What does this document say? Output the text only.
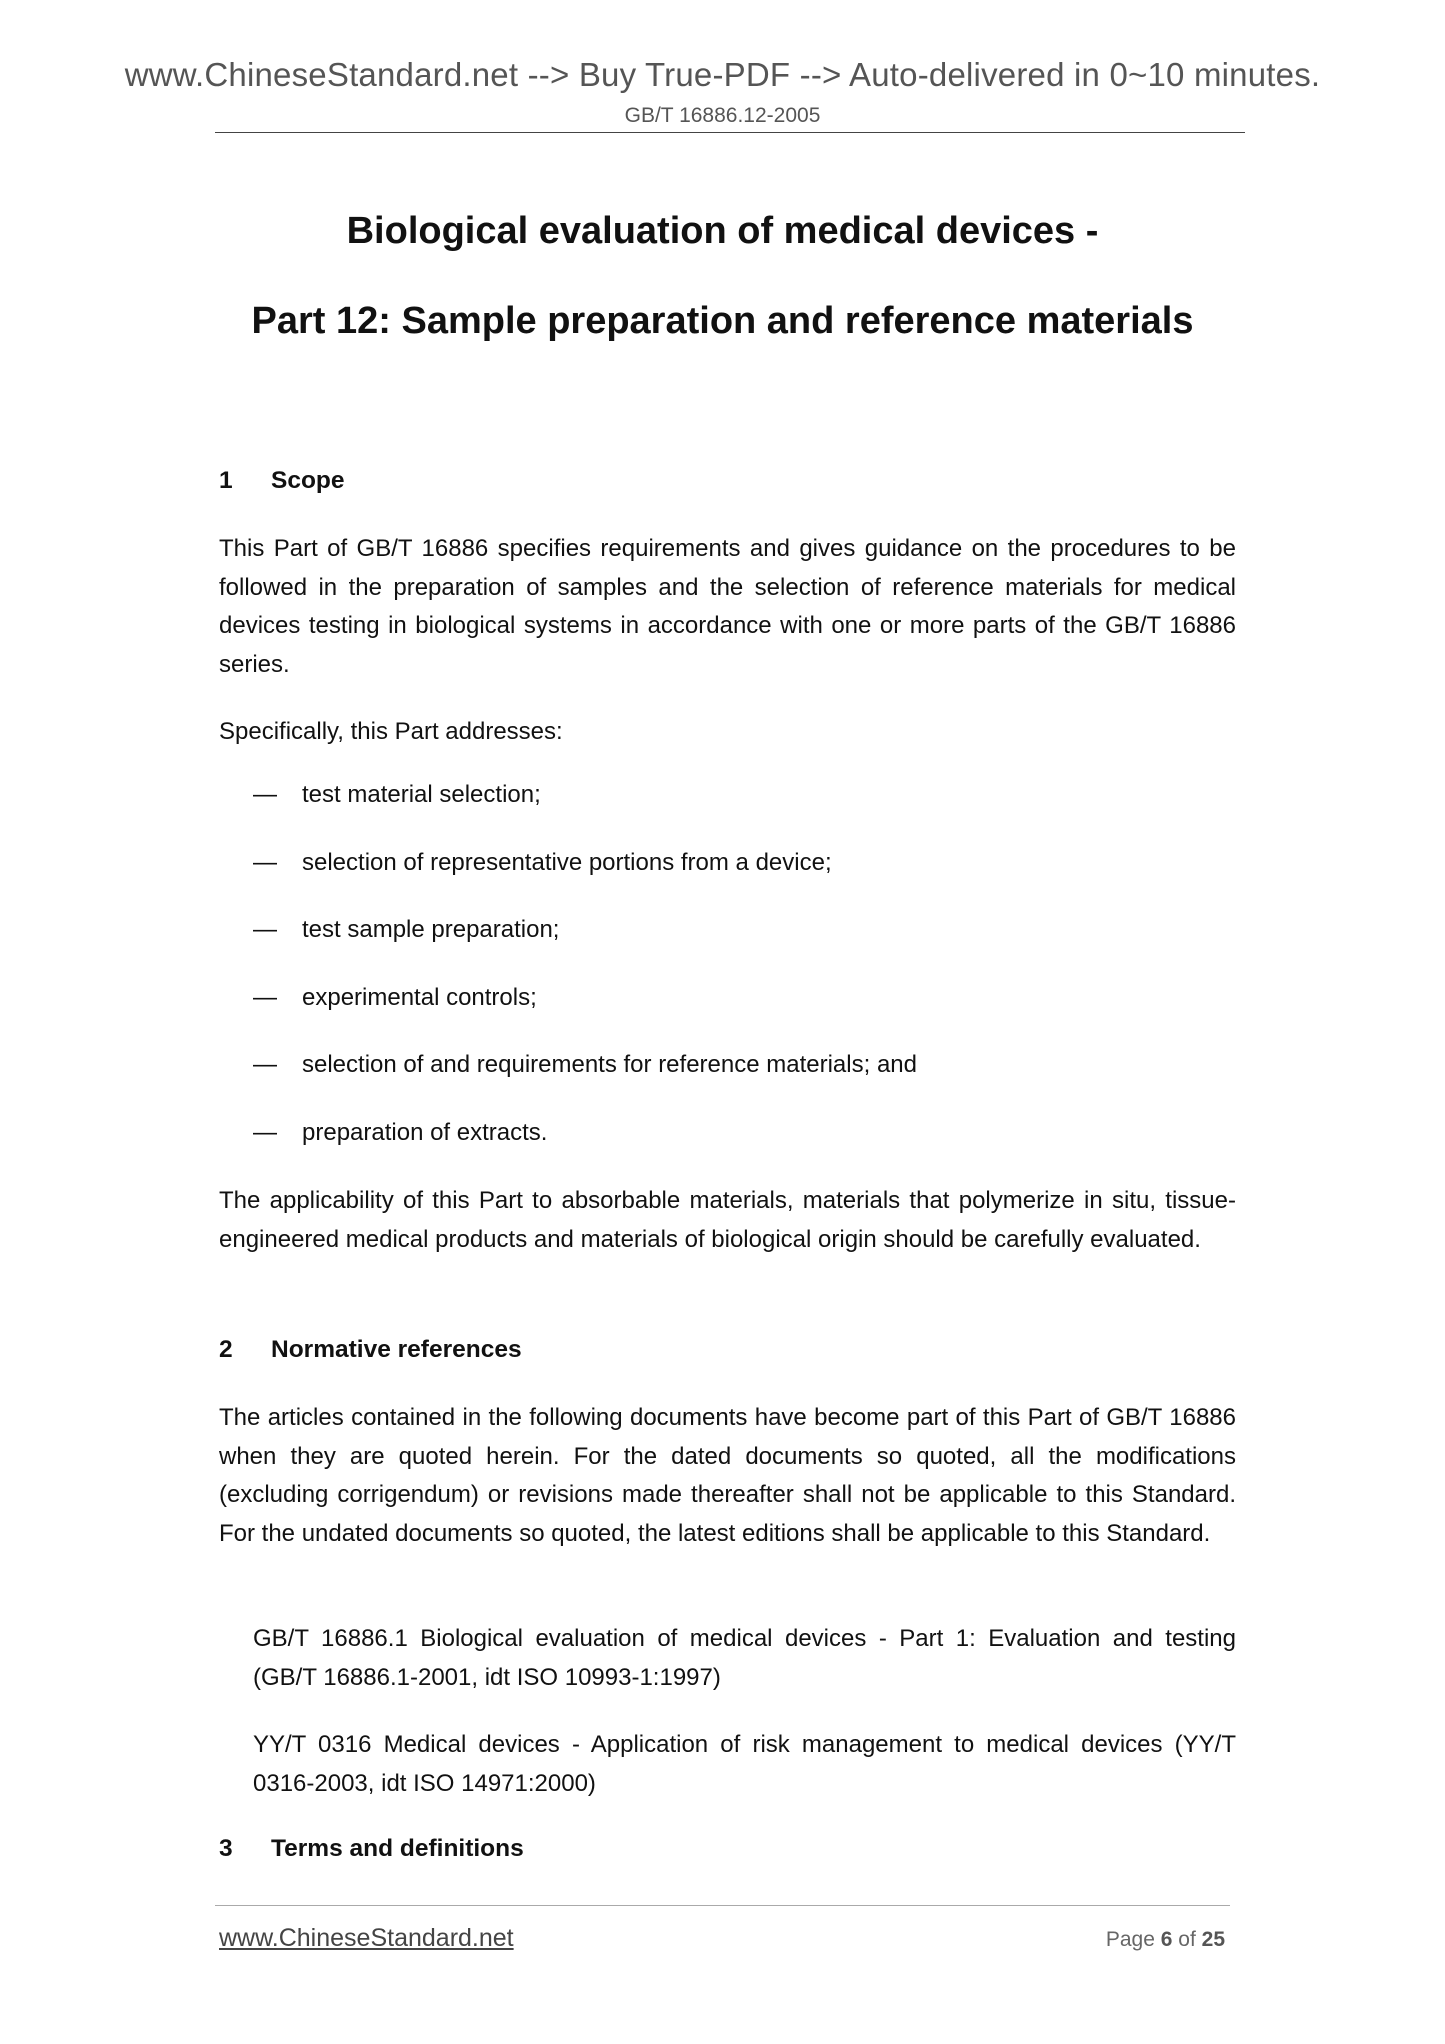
www.ChineseStandard.net --> Buy True-PDF --> Auto-delivered in 0~10 minutes.
GB/T 16886.12-2005
Biological evaluation of medical devices -
Part 12: Sample preparation and reference materials
1 Scope

This Part of GB/T 16886 specifies requirements and gives guidance on the procedures to be followed in the preparation of samples and the selection of reference materials for medical devices testing in biological systems in accordance with one or more parts of the GB/T 16886 series.

Specifically, this Part addresses:

— test material selection;
— selection of representative portions from a device;
— test sample preparation;
— experimental controls;
— selection of and requirements for reference materials; and
— preparation of extracts.

The applicability of this Part to absorbable materials, materials that polymerize in situ, tissue-engineered medical products and materials of biological origin should be carefully evaluated.

2 Normative references

The articles contained in the following documents have become part of this Part of GB/T 16886 when they are quoted herein. For the dated documents so quoted, all the modifications (excluding corrigendum) or revisions made thereafter shall not be applicable to this Standard. For the undated documents so quoted, the latest editions shall be applicable to this Standard.

GB/T 16886.1 Biological evaluation of medical devices - Part 1: Evaluation and testing (GB/T 16886.1-2001, idt ISO 10993-1:1997)

YY/T 0316 Medical devices - Application of risk management to medical devices (YY/T 0316-2003, idt ISO 14971:2000)

3 Terms and definitions
www.ChineseStandard.net	Page 6 of 25
